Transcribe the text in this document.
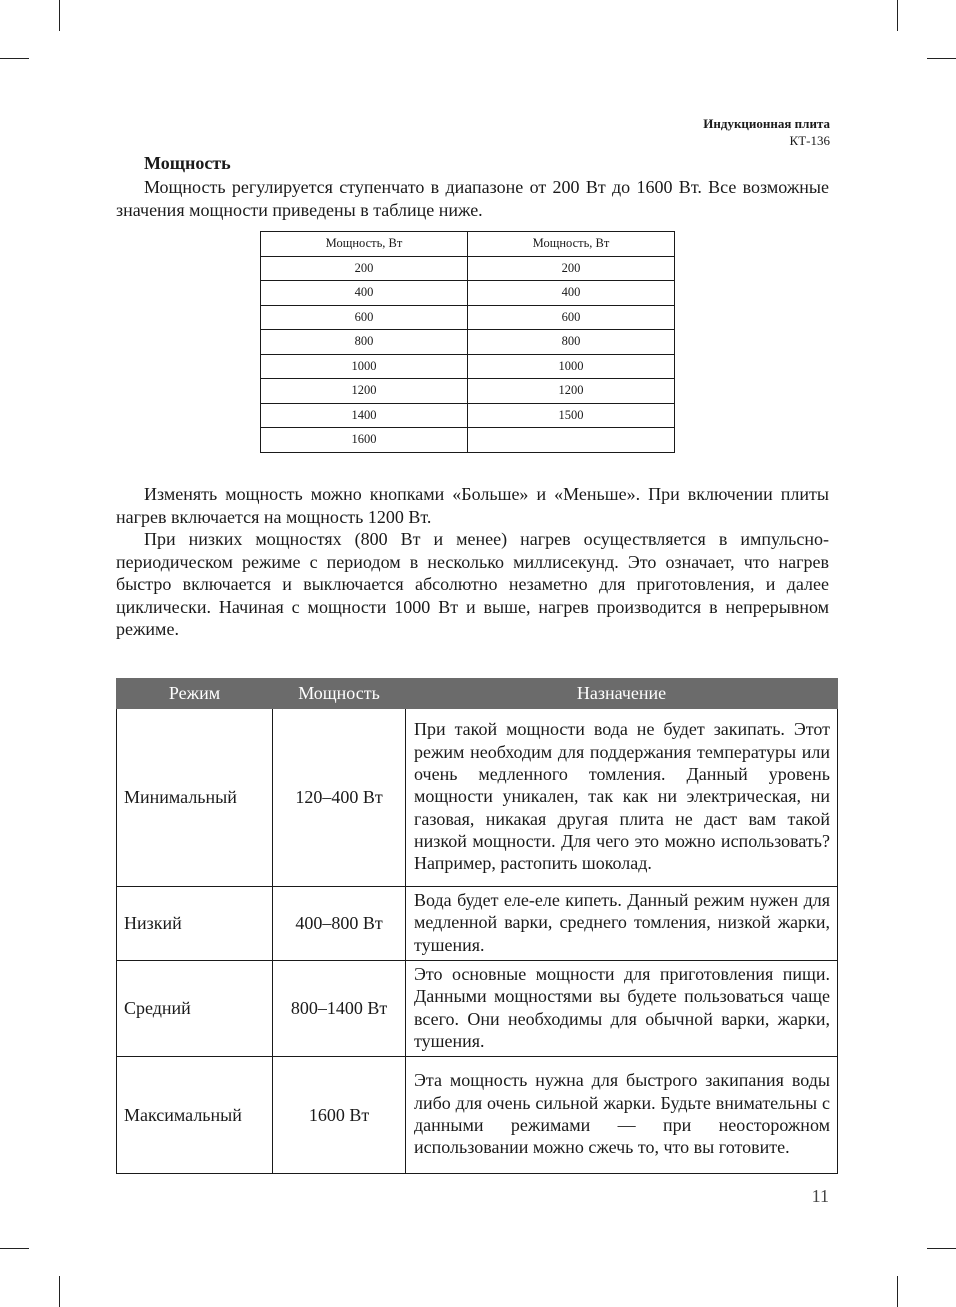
Индукционная плита
КТ-136
Мощность

Мощность регулируется ступенчато в диапазоне от 200 Вт до 1600 Вт. Все возможные значения мощности приведены в таблице ниже.

Мощность, Вт	Мощность, Вт
200	200
400	400
600	600
800	800
1000	1000
1200	1200
1400	1500
1600	

Изменять мощность можно кнопками «Больше» и «Меньше». При включении плиты нагрев включается на мощность 1200 Вт.

При низких мощностях (800 Вт и менее) нагрев осуществляется в импульсно-периодическом режиме с периодом в несколько миллисекунд. Это означает, что нагрев быстро включается и выключается абсолютно незаметно для приготовления, и далее циклически. Начиная с мощности 1000 Вт и выше, нагрев производится в непрерывном режиме.

Режим	Мощность	Назначение
Минимальный	120–400 Вт	При такой мощности вода не будет закипать. Этот режим необходим для поддержания температуры или очень медленного томления. Данный уровень мощности уникален, так как ни электрическая, ни газовая, никакая другая плита не даст вам такой низкой мощности. Для чего это можно использовать? Например, растопить шоколад.
Низкий	400–800 Вт	Вода будет еле-еле кипеть. Данный режим нужен для медленной варки, среднего томления, низкой жарки, тушения.
Средний	800–1400 Вт	Это основные мощности для приготовления пищи. Данными мощностями вы будете пользоваться чаще всего. Они необходимы для обычной варки, жарки, тушения.
Максимальный	1600 Вт	Эта мощность нужна для быстрого закипания воды либо для очень сильной жарки. Будьте внимательны с данными режимами — при неосторожном использовании можно сжечь то, что вы готовите.
11
